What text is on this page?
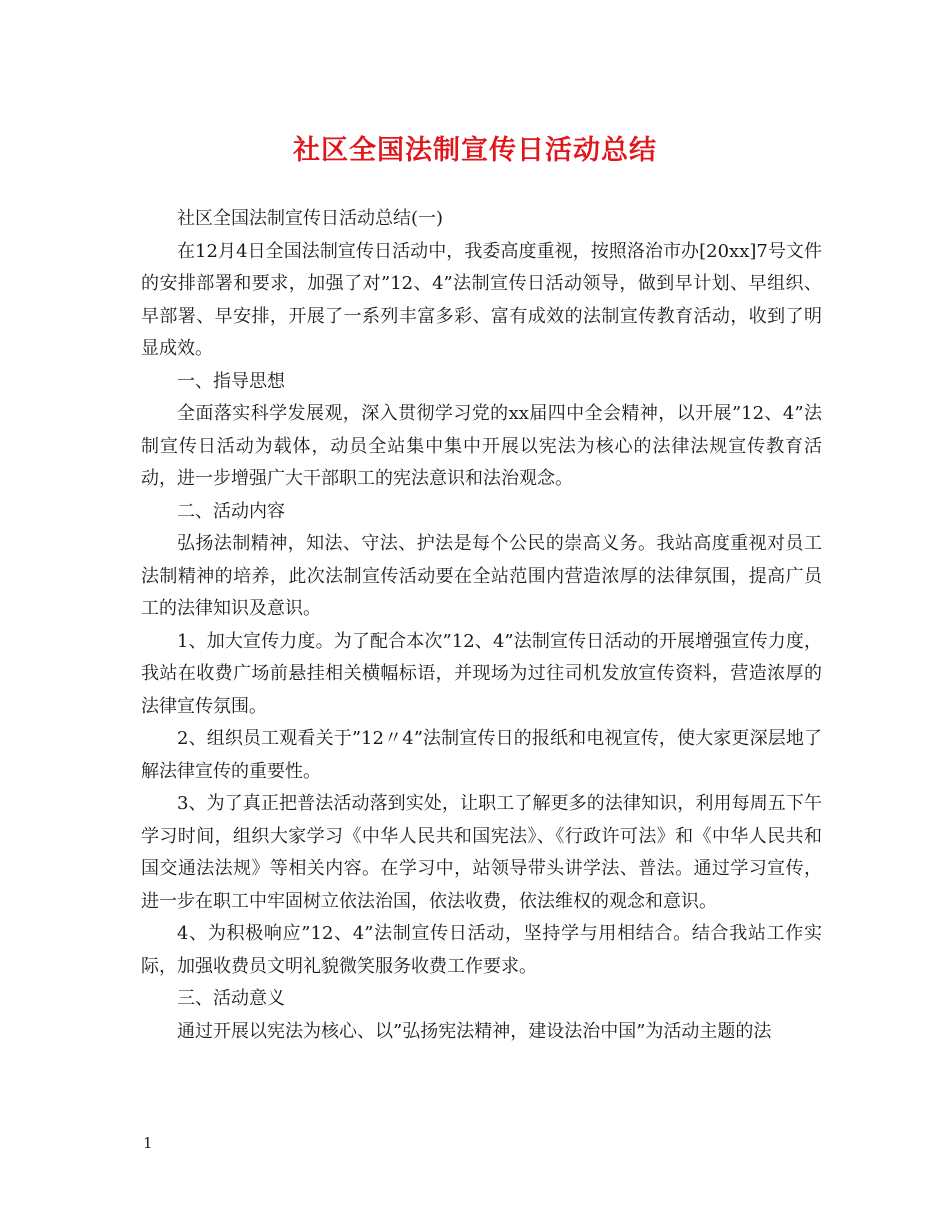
社区全国法制宣传日活动总结

社区全国法制宣传日活动总结(一)

在12月4日全国法制宣传日活动中，我委高度重视，按照洛治市办[20xx]7号文件的安排部署和要求，加强了对”12、4”法制宣传日活动领导，做到早计划、早组织、早部署、早安排，开展了一系列丰富多彩、富有成效的法制宣传教育活动，收到了明显成效。

一、指导思想

全面落实科学发展观，深入贯彻学习党的xx届四中全会精神，以开展”12、4”法制宣传日活动为载体，动员全站集中集中开展以宪法为核心的法律法规宣传教育活动，进一步增强广大干部职工的宪法意识和法治观念。

二、活动内容

弘扬法制精神，知法、守法、护法是每个公民的崇高义务。我站高度重视对员工法制精神的培养，此次法制宣传活动要在全站范围内营造浓厚的法律氛围，提高广员工的法律知识及意识。

1、加大宣传力度。为了配合本次”12、4”法制宣传日活动的开展增强宣传力度，我站在收费广场前悬挂相关横幅标语，并现场为过往司机发放宣传资料，营造浓厚的法律宣传氛围。

2、组织员工观看关于”12〃4”法制宣传日的报纸和电视宣传，使大家更深层地了解法律宣传的重要性。

3、为了真正把普法活动落到实处，让职工了解更多的法律知识，利用每周五下午学习时间，组织大家学习《中华人民共和国宪法》、《行政许可法》和《中华人民共和国交通法法规》等相关内容。在学习中，站领导带头讲学法、普法。通过学习宣传，进一步在职工中牢固树立依法治国，依法收费，依法维权的观念和意识。

4、为积极响应”12、4”法制宣传日活动，坚持学与用相结合。结合我站工作实际，加强收费员文明礼貌微笑服务收费工作要求。

三、活动意义

通过开展以宪法为核心、以”弘扬宪法精神，建设法治中国”为活动主题的法

1
